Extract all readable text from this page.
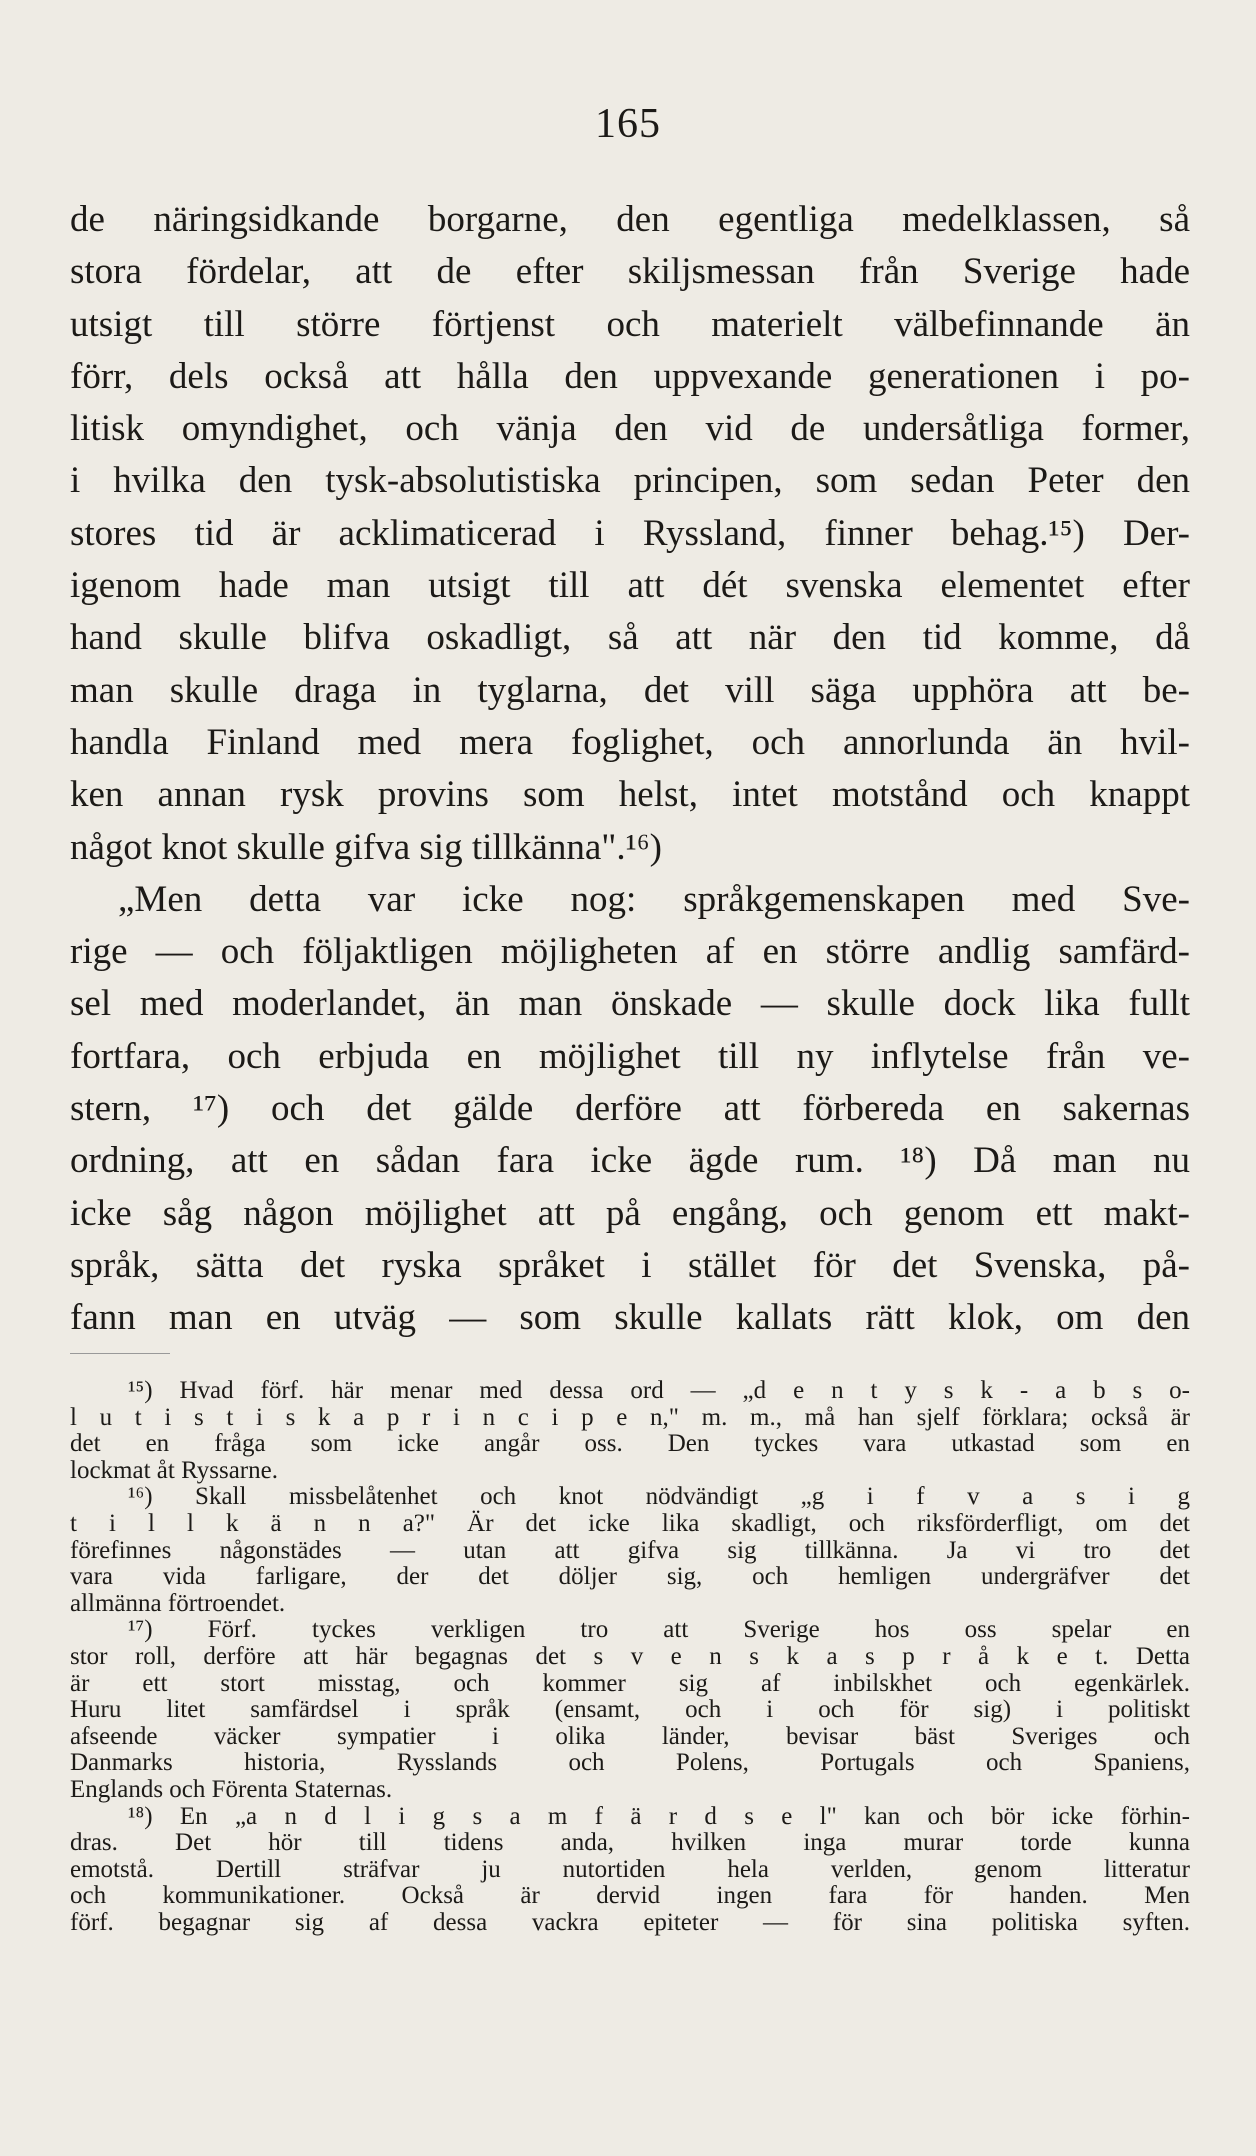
165
de näringsidkande borgarne, den egentliga medelklassen, så
stora fördelar, att de efter skiljsmessan från Sverige hade
utsigt till större förtjenst och materielt välbefinnande än
förr, dels också att hålla den uppvexande generationen i po-
litisk omyndighet, och vänja den vid de undersåtliga former,
i hvilka den tysk-absolutistiska principen, som sedan Peter den
stores tid är acklimaticerad i Ryssland, finner behag.¹⁵) Der-
igenom hade man utsigt till att dét svenska elementet efter
hand skulle blifva oskadligt, så att när den tid komme, då
man skulle draga in tyglarna, det vill säga upphöra att be-
handla Finland med mera foglighet, och annorlunda än hvil-
ken annan rysk provins som helst, intet motstånd och knappt
något knot skulle gifva sig tillkänna".¹⁶)
„Men detta var icke nog: språkgemenskapen med Sve-
rige — och följaktligen möjligheten af en större andlig samfärd-
sel med moderlandet, än man önskade — skulle dock lika fullt
fortfara, och erbjuda en möjlighet till ny inflytelse från ve-
stern, ¹⁷) och det gälde derföre att förbereda en sakernas
ordning, att en sådan fara icke ägde rum. ¹⁸) Då man nu
icke såg någon möjlighet att på engång, och genom ett makt-
språk, sätta det ryska språket i stället för det Svenska, på-
fann man en utväg — som skulle kallats rätt klok, om den
¹⁵) Hvad förf. här menar med dessa ord — „d e n t y s k - a b s o-
l u t i s t i s k a p r i n c i p e n," m. m., må han sjelf förklara; också är
det en fråga som icke angår oss. Den tyckes vara utkastad som en
lockmat åt Ryssarne.
¹⁶) Skall missbelåtenhet och knot nödvändigt „g i f v a s i g
t i l l k ä n n a?" Är det icke lika skadligt, och riksförderfligt, om det
förefinnes någonstädes — utan att gifva sig tillkänna. Ja vi tro det
vara vida farligare, der det döljer sig, och hemligen undergräfver det
allmänna förtroendet.
¹⁷) Förf. tyckes verkligen tro att Sverige hos oss spelar en
stor roll, derföre att här begagnas det s v e n s k a s p r å k e t. Detta
är ett stort misstag, och kommer sig af inbilskhet och egenkärlek.
Huru litet samfärdsel i språk (ensamt, och i och för sig) i politiskt
afseende väcker sympatier i olika länder, bevisar bäst Sveriges och
Danmarks historia, Rysslands och Polens, Portugals och Spaniens,
Englands och Förenta Staternas.
¹⁸) En „a n d l i g s a m f ä r d s e l" kan och bör icke förhin-
dras. Det hör till tidens anda, hvilken inga murar torde kunna
emotstå. Dertill sträfvar ju nutortiden hela verlden, genom litteratur
och kommunikationer. Också är dervid ingen fara för handen. Men
förf. begagnar sig af dessa vackra epiteter — för sina politiska syften.
